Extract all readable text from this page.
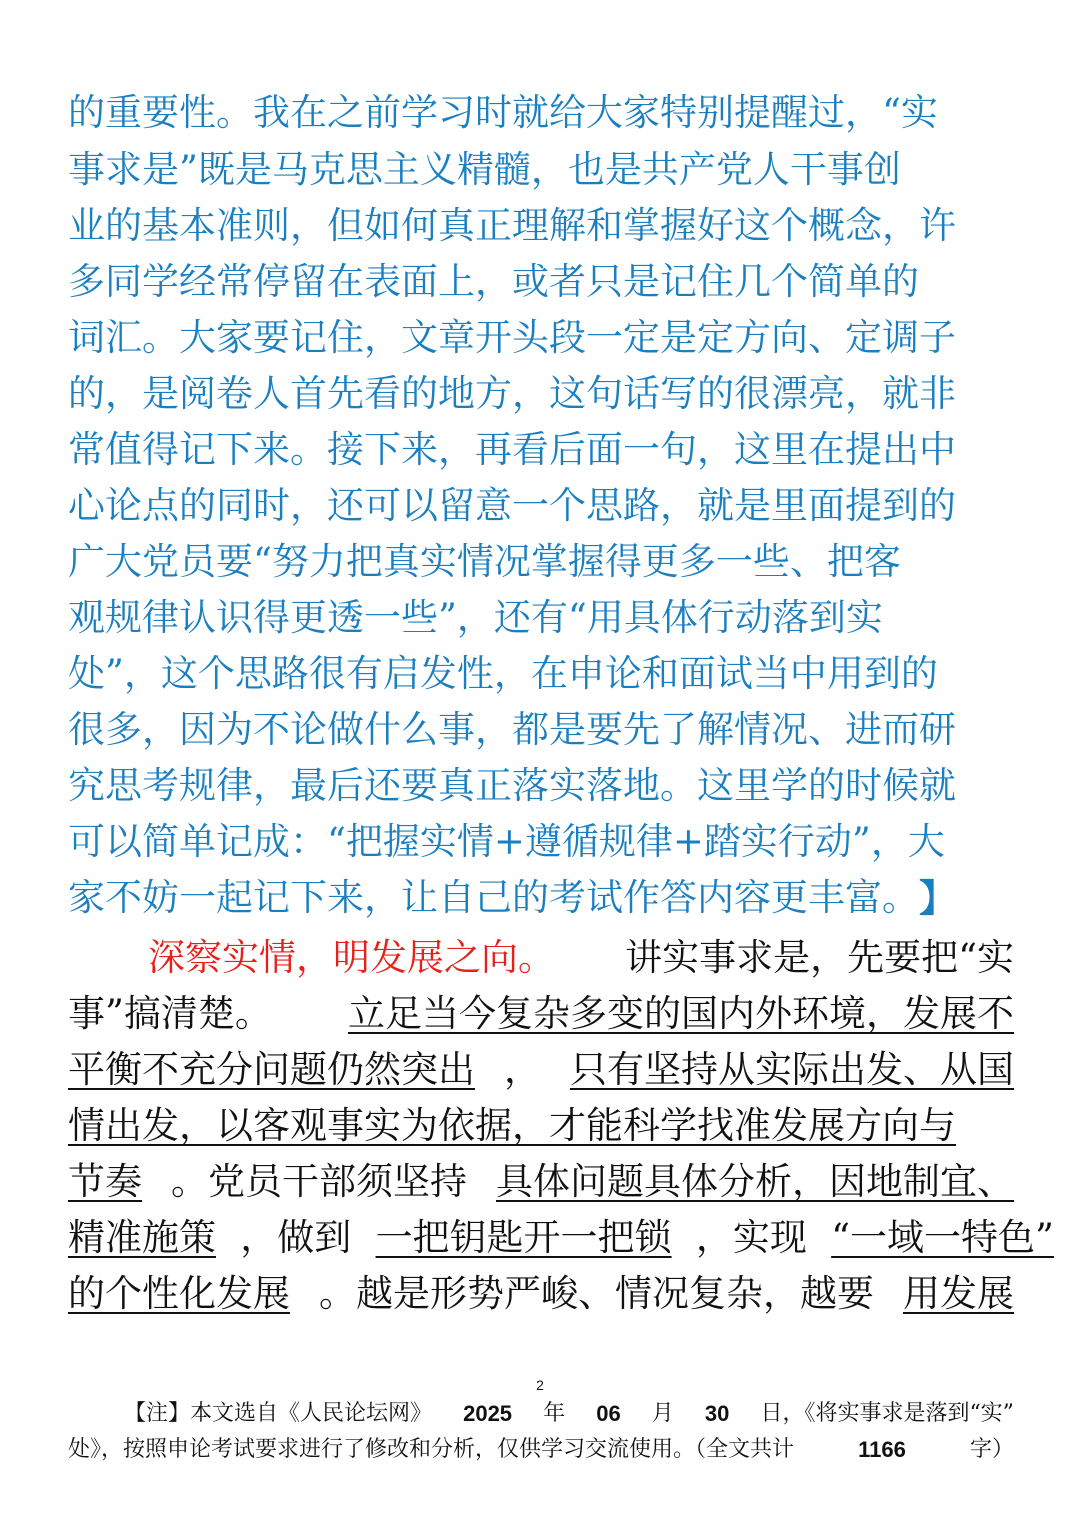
的重要性。我在之前学习时就给大家特别提醒过，“实
事求是”既是马克思主义精髓，也是共产党人干事创
业的基本准则，但如何真正理解和掌握好这个概念，许
多同学经常停留在表面上，或者只是记住几个简单的
词汇。大家要记住，文章开头段一定是定方向、定调子
的，是阅卷人首先看的地方，这句话写的很漂亮，就非
常值得记下来。接下来，再看后面一句，这里在提出中
心论点的同时，还可以留意一个思路，就是里面提到的
广大党员要“努力把真实情况掌握得更多一些、把客
观规律认识得更透一些”，还有“用具体行动落到实
处”，这个思路很有启发性，在申论和面试当中用到的
很多，因为不论做什么事，都是要先了解情况、进而研
究思考规律，最后还要真正落实落地。这里学的时候就
可以简单记成：“把握实情+遵循规律+踏实行动”，大
家不妨一起记下来，让自己的考试作答内容更丰富。 】
深察实情，明发展之向。 讲实事求是，先要把“实
事”搞清楚。 立足当今复杂多变的国内外环境，发展不
平衡不充分问题仍然突出 ， 只有坚持从实际出发、从国
情出发，以客观事实为依据，才能科学找准发展方向与
节奏 。党员干部须坚持 具体问题具体分析，因地制宜、
精准施策 ，做到 一把钥匙开一把锁 ，实现 “一域一特色”
的个性化发展 。越是形势严峻、情况复杂，越要 用发展
2
【注】本文选自《人民论坛网》 2025 年 06 月 30 日，《将实事求是落到“实”
处》，按照申论考试要求进行了修改和分析，仅供学习交流使用。（全文共计	1166	字）
